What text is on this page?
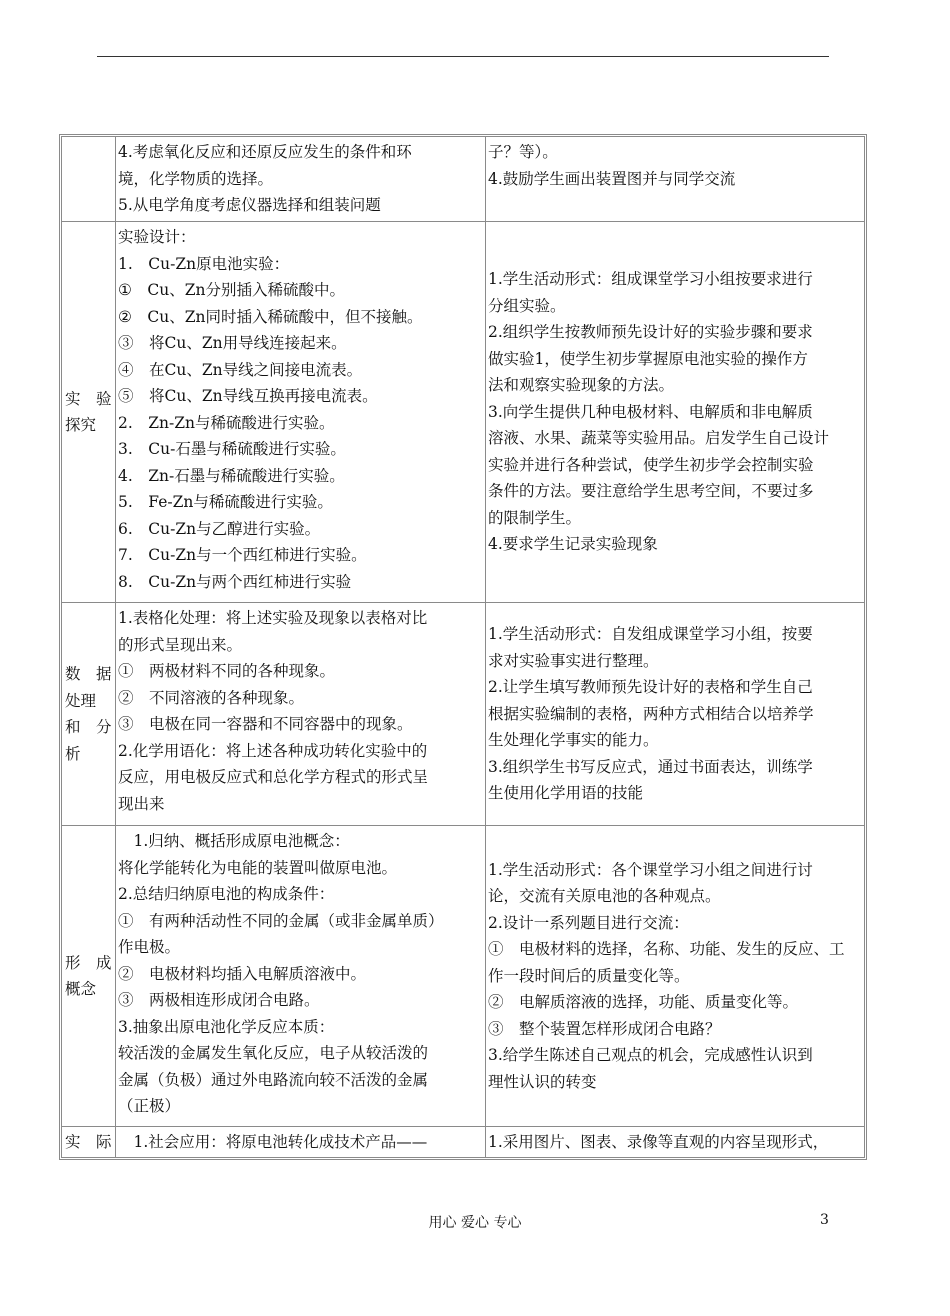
4.考虑氧化反应和还原反应发生的条件和环
境，化学物质的选择。
5.从电学角度考虑仪器选择和组装问题
子？等）。
4.鼓励学生画出装置图并与同学交流
实　验
探究
实验设计：
1.　Cu-Zn原电池实验：
①　Cu、Zn分别插入稀硫酸中。
②　Cu、Zn同时插入稀硫酸中，但不接触。
③　将Cu、Zn用导线连接起来。
④　在Cu、Zn导线之间接电流表。
⑤　将Cu、Zn导线互换再接电流表。
2.　Zn-Zn与稀硫酸进行实验。
3.　Cu-石墨与稀硫酸进行实验。
4.　Zn-石墨与稀硫酸进行实验。
5.　Fe-Zn与稀硫酸进行实验。
6.　Cu-Zn与乙醇进行实验。
7.　Cu-Zn与一个西红柿进行实验。
8.　Cu-Zn与两个西红柿进行实验
1.学生活动形式：组成课堂学习小组按要求进行
分组实验。
2.组织学生按教师预先设计好的实验步骤和要求
做实验1，使学生初步掌握原电池实验的操作方
法和观察实验现象的方法。
3.向学生提供几种电极材料、电解质和非电解质
溶液、水果、蔬菜等实验用品。启发学生自己设计
实验并进行各种尝试，使学生初步学会控制实验
条件的方法。要注意给学生思考空间，不要过多
的限制学生。
4.要求学生记录实验现象
数　据
处理
和　分
析
1.表格化处理：将上述实验及现象以表格对比
的形式呈现出来。
①　两极材料不同的各种现象。
②　不同溶液的各种现象。
③　电极在同一容器和不同容器中的现象。
2.化学用语化：将上述各种成功转化实验中的
反应，用电极反应式和总化学方程式的形式呈
现出来
1.学生活动形式：自发组成课堂学习小组，按要
求对实验事实进行整理。
2.让学生填写教师预先设计好的表格和学生自己
根据实验编制的表格，两种方式相结合以培养学
生处理化学事实的能力。
3.组织学生书写反应式，通过书面表达，训练学
生使用化学用语的技能
形　成
概念
　1.归纳、概括形成原电池概念：
将化学能转化为电能的装置叫做原电池。
2.总结归纳原电池的构成条件：
①　有两种活动性不同的金属（或非金属单质）
作电极。
②　电极材料均插入电解质溶液中。
③　两极相连形成闭合电路。
3.抽象出原电池化学反应本质：
较活泼的金属发生氧化反应，电子从较活泼的
金属（负极）通过外电路流向较不活泼的金属
（正极）
1.学生活动形式：各个课堂学习小组之间进行讨
论，交流有关原电池的各种观点。
2.设计一系列题目进行交流：
①　电极材料的选择，名称、功能、发生的反应、工
作一段时间后的质量变化等。
②　电解质溶液的选择，功能、质量变化等。
③　整个装置怎样形成闭合电路？
3.给学生陈述自己观点的机会，完成感性认识到
理性认识的转变
实　际 　1.社会应用：将原电池转化成技术产品——	1.采用图片、图表、录像等直观的内容呈现形式，
用心 爱心 专心	3
